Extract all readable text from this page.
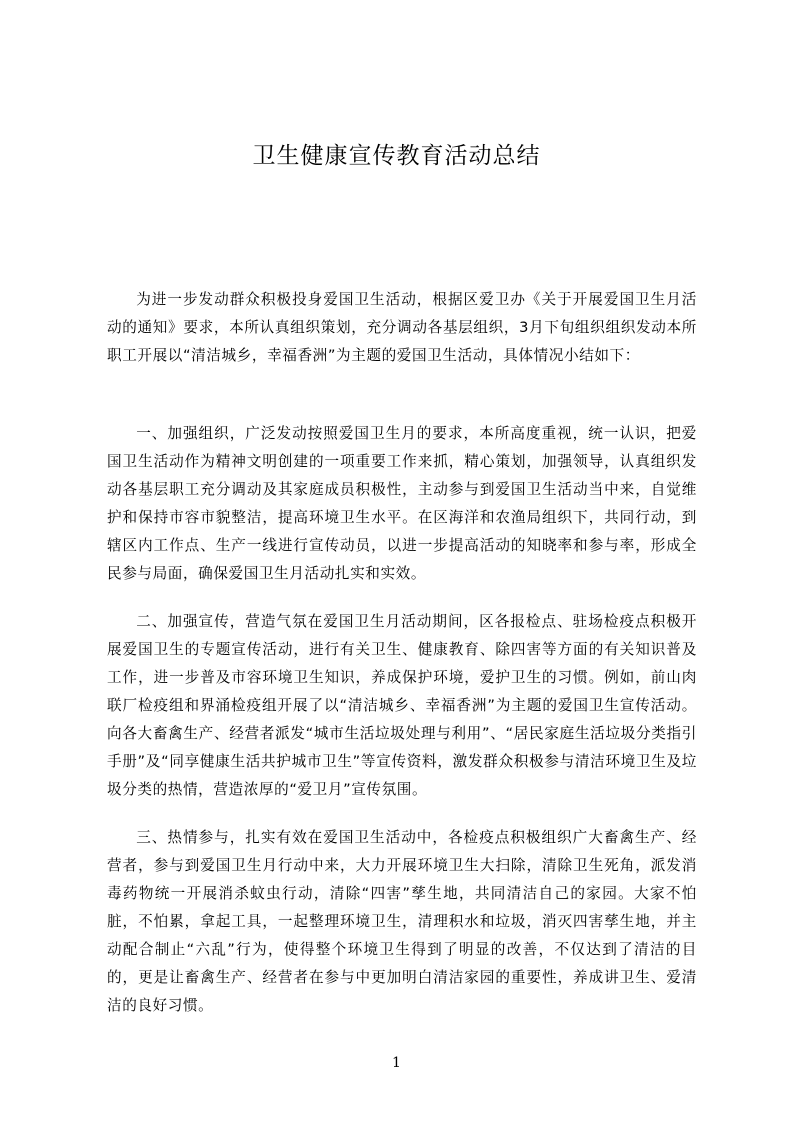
卫生健康宣传教育活动总结

为进一步发动群众积极投身爱国卫生活动，根据区爱卫办《关于开展爱国卫生月活动的通知》要求，本所认真组织策划，充分调动各基层组织，3月下旬组织组织发动本所职工开展以“清洁城乡，幸福香洲”为主题的爱国卫生活动，具体情况小结如下：

一、加强组织，广泛发动按照爱国卫生月的要求，本所高度重视，统一认识，把爱国卫生活动作为精神文明创建的一项重要工作来抓，精心策划，加强领导，认真组织发动各基层职工充分调动及其家庭成员积极性，主动参与到爱国卫生活动当中来，自觉维护和保持市容市貌整洁，提高环境卫生水平。在区海洋和农渔局组织下，共同行动，到辖区内工作点、生产一线进行宣传动员，以进一步提高活动的知晓率和参与率，形成全民参与局面，确保爱国卫生月活动扎实和实效。

二、加强宣传，营造气氛在爱国卫生月活动期间，区各报检点、驻场检疫点积极开展爱国卫生的专题宣传活动，进行有关卫生、健康教育、除四害等方面的有关知识普及工作，进一步普及市容环境卫生知识，养成保护环境，爱护卫生的习惯。例如，前山肉联厂检疫组和界涌检疫组开展了以“清洁城乡、幸福香洲”为主题的爱国卫生宣传活动。向各大畜禽生产、经营者派发“城市生活垃圾处理与利用”、“居民家庭生活垃圾分类指引手册”及“同享健康生活共护城市卫生”等宣传资料，激发群众积极参与清洁环境卫生及垃圾分类的热情，营造浓厚的“爱卫月”宣传氛围。

三、热情参与，扎实有效在爱国卫生活动中，各检疫点积极组织广大畜禽生产、经营者，参与到爱国卫生月行动中来，大力开展环境卫生大扫除，清除卫生死角，派发消毒药物统一开展消杀蚊虫行动，清除“四害”孳生地，共同清洁自己的家园。大家不怕脏，不怕累，拿起工具，一起整理环境卫生，清理积水和垃圾，消灭四害孳生地，并主动配合制止“六乱”行为，使得整个环境卫生得到了明显的改善，不仅达到了清洁的目的，更是让畜禽生产、经营者在参与中更加明白清洁家园的重要性，养成讲卫生、爱清洁的良好习惯。

1
